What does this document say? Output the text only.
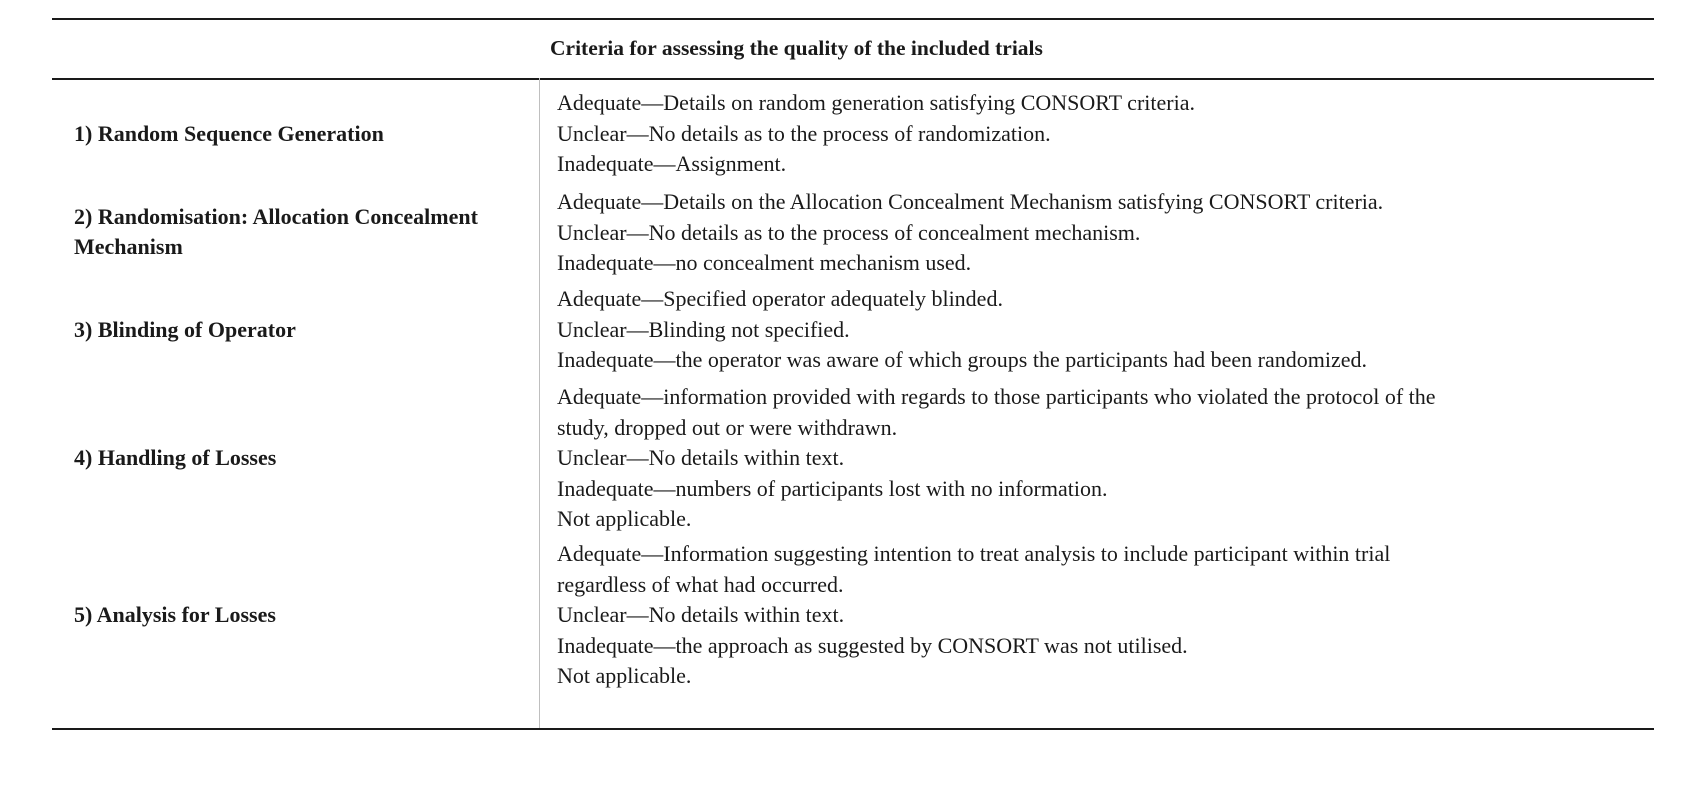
Criteria for assessing the quality of the included trials
1) Random Sequence Generation
Adequate—Details on random generation satisfying CONSORT criteria.
Unclear—No details as to the process of randomization.
Inadequate—Assignment.
2) Randomisation: Allocation Concealment Mechanism
Adequate—Details on the Allocation Concealment Mechanism satisfying CONSORT criteria.
Unclear—No details as to the process of concealment mechanism.
Inadequate—no concealment mechanism used.
3) Blinding of Operator
Adequate—Specified operator adequately blinded.
Unclear—Blinding not specified.
Inadequate—the operator was aware of which groups the participants had been randomized.
4) Handling of Losses
Adequate—information provided with regards to those participants who violated the protocol of the
study, dropped out or were withdrawn.
Unclear—No details within text.
Inadequate—numbers of participants lost with no information.
Not applicable.
5) Analysis for Losses
Adequate—Information suggesting intention to treat analysis to include participant within trial
regardless of what had occurred.
Unclear—No details within text.
Inadequate—the approach as suggested by CONSORT was not utilised.
Not applicable.
